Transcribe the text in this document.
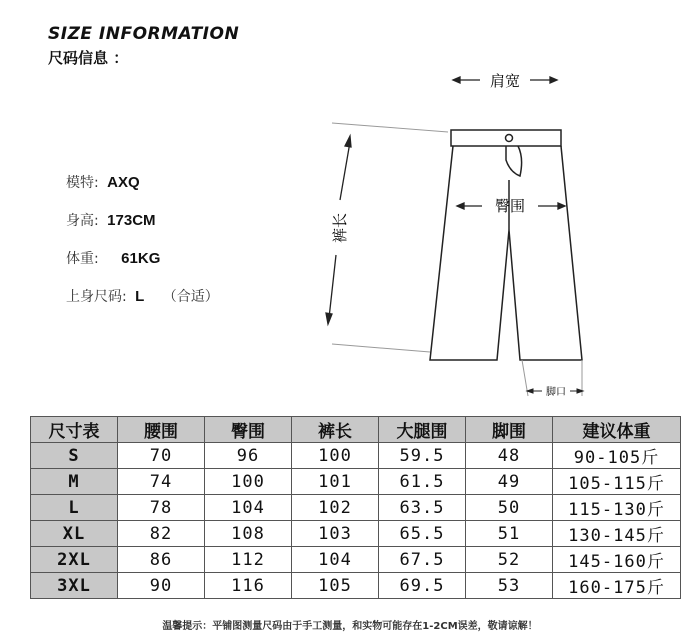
SIZE INFORMATION
尺码信息 ：
模特: AXQ
身高: 173CM
体重: 61KG
上身尺码: L （合适）
肩宽
裤长
臀围
脚口
尺寸表	腰围	臀围	裤长	大腿围	脚围	建议体重
S	70	96	100	59.5	48	90-105斤
M	74	100	101	61.5	49	105-115斤
L	78	104	102	63.5	50	115-130斤
XL	82	108	103	65.5	51	130-145斤
2XL	86	112	104	67.5	52	145-160斤
3XL	90	116	105	69.5	53	160-175斤
温馨提示：平铺图测量尺码由于手工测量，和实物可能存在1-2CM误差，敬请谅解！
